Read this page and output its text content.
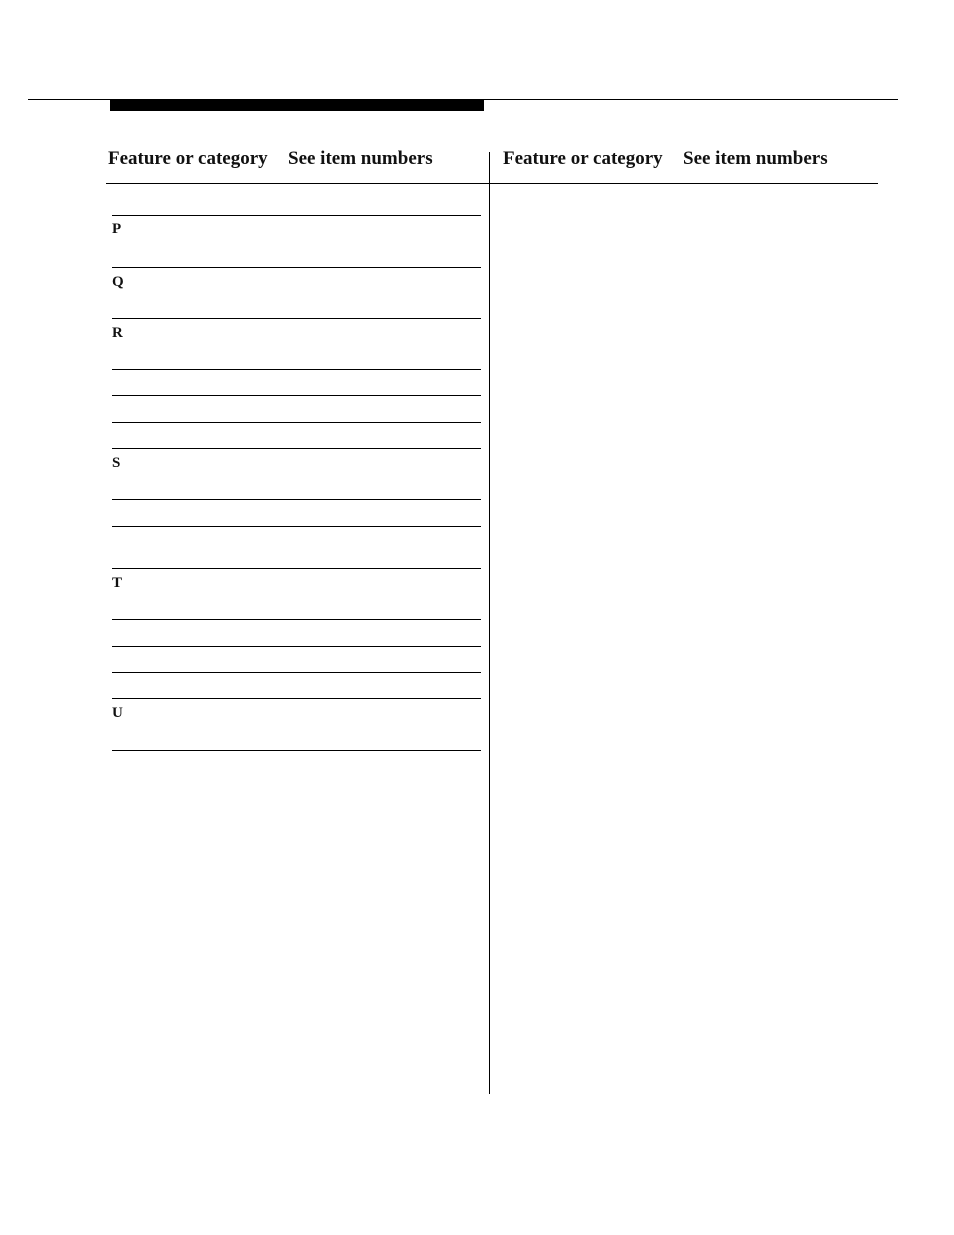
Feature or category See item numbers	Feature or category See item numbers
P
Q
R
S
T
U
